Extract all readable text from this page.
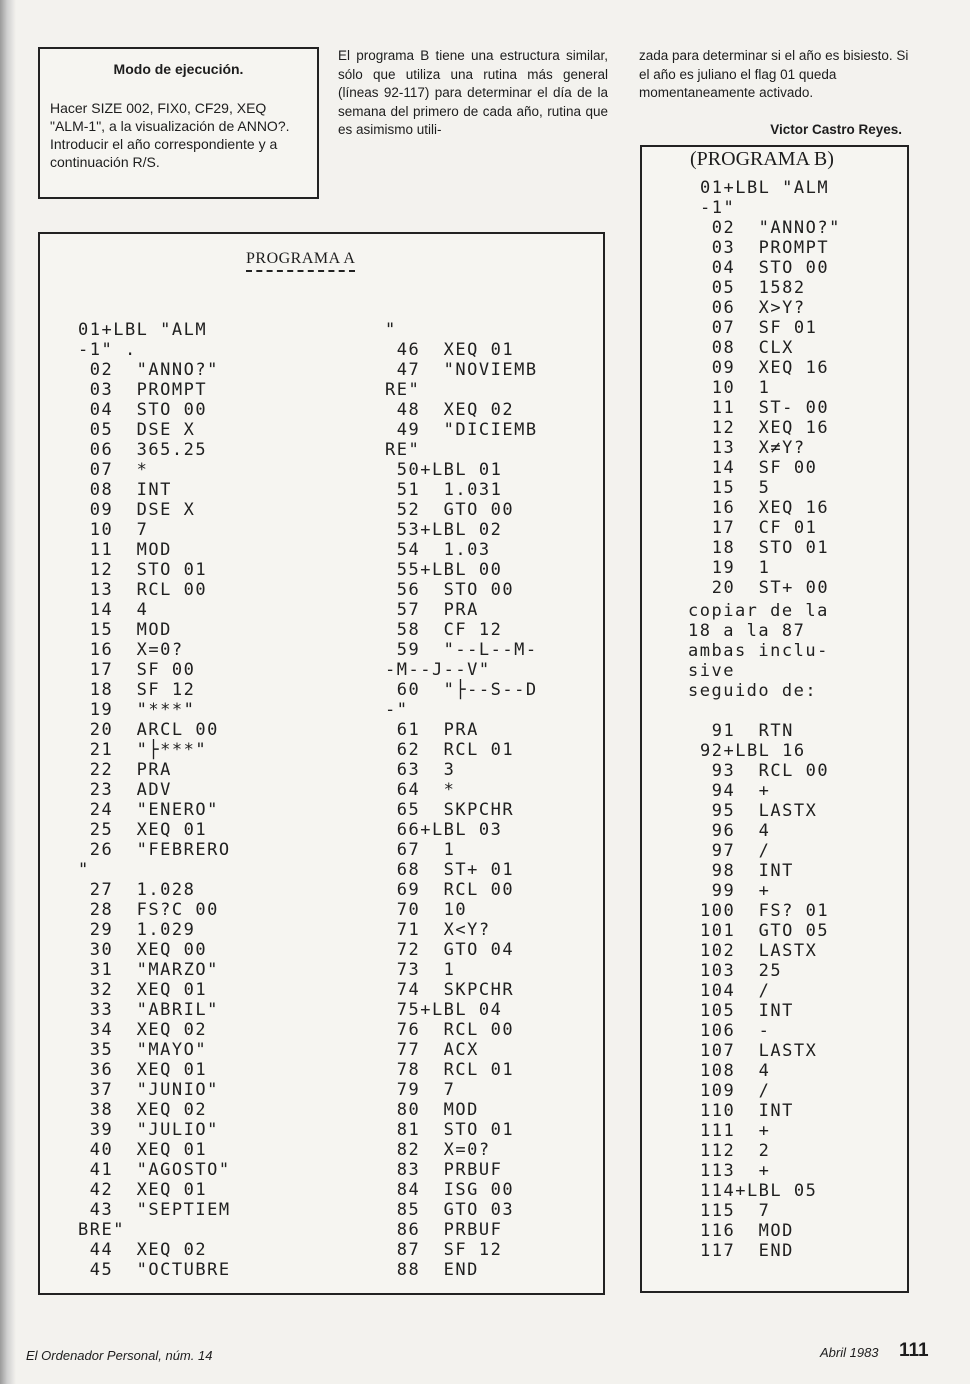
Modo de ejecución.

Hacer SIZE 002, FIX0, CF29, XEQ "ALM-1", a la visualización de ANNO?.

Introducir el año correspondiente y a continuación R/S.

El programa B tiene una estructura similar, sólo que utiliza una rutina más general (líneas 92-117) para determinar el día de la semana del primero de cada año, rutina que es asimismo utili-
zada para determinar si el año es bisiesto. Si el año es juliano el flag 01 queda momentaneamente activado.
Victor Castro Reyes.
PROGRAMA A
01+LBL "ALM
-1" .
02  "ANNO?"
03  PROMPT
04  STO 00
05  DSE X
06  365.25
07  *
08  INT
09  DSE X
10  7
11  MOD
12  STO 01
13  RCL 00
14  4
15  MOD
16  X=0?
17  SF 00
18  SF 12
19  "***"
20  ARCL 00
21  "├***"
22  PRA
23  ADV
24  "ENERO"
25  XEQ 01
26  "FEBRERO
"
27  1.028
28  FS?C 00
29  1.029
30  XEQ 00
31  "MARZO"
32  XEQ 01
33  "ABRIL"
34  XEQ 02
35  "MAYO"
36  XEQ 01
37  "JUNIO"
38  XEQ 02
39  "JULIO"
40  XEQ 01
41  "AGOSTO"
42  XEQ 01
43  "SEPTIEM
BRE"
44  XEQ 02
45  "OCTUBRE
"
46  XEQ 01
47  "NOVIEMB
RE"
48  XEQ 02
49  "DICIEMB
RE"
50+LBL 01
51  1.031
52  GTO 00
53+LBL 02
54  1.03
55+LBL 00
56  STO 00
57  PRA
58  CF 12
59  "--L--M-
-M--J--V"
60  "├--S--D
-"
61  PRA
62  RCL 01
63  3
64  *
65  SKPCHR
66+LBL 03
67  1
68  ST+ 01
69  RCL 00
70  10
71  X<Y?
72  GTO 04
73  1
74  SKPCHR
75+LBL 04
76  RCL 00
77  ACX
78  RCL 01
79  7
80  MOD
81  STO 01
82  X=0?
83  PRBUF
84  ISG 00
85  GTO 03
86  PRBUF
87  SF 12
88  END
(PROGRAMA B)
01+LBL "ALM
-1"
02  "ANNO?"
03  PROMPT
04  STO 00
05  1582
06  X>Y?
07  SF 01
08  CLX
09  XEQ 16
10  1
11  ST- 00
12  XEQ 16
13  X≠Y?
14  SF 00
15  5
16  XEQ 16
17  CF 01
18  STO 01
19  1
20  ST+ 00
copiar de la
18 a la 87
ambas inclu-
sive
seguido de:
91  RTN
92+LBL 16
93  RCL 00
94  +
95  LASTX
96  4
97  /
98  INT
99  +
100  FS? 01
101  GTO 05
102  LASTX
103  25
104  /
105  INT
106  -
107  LASTX
108  4
109  /
110  INT
111  +
112  2
113  +
114+LBL 05
115  7
116  MOD
117  END
El Ordenador Personal, núm. 14	Abril 1983 111
